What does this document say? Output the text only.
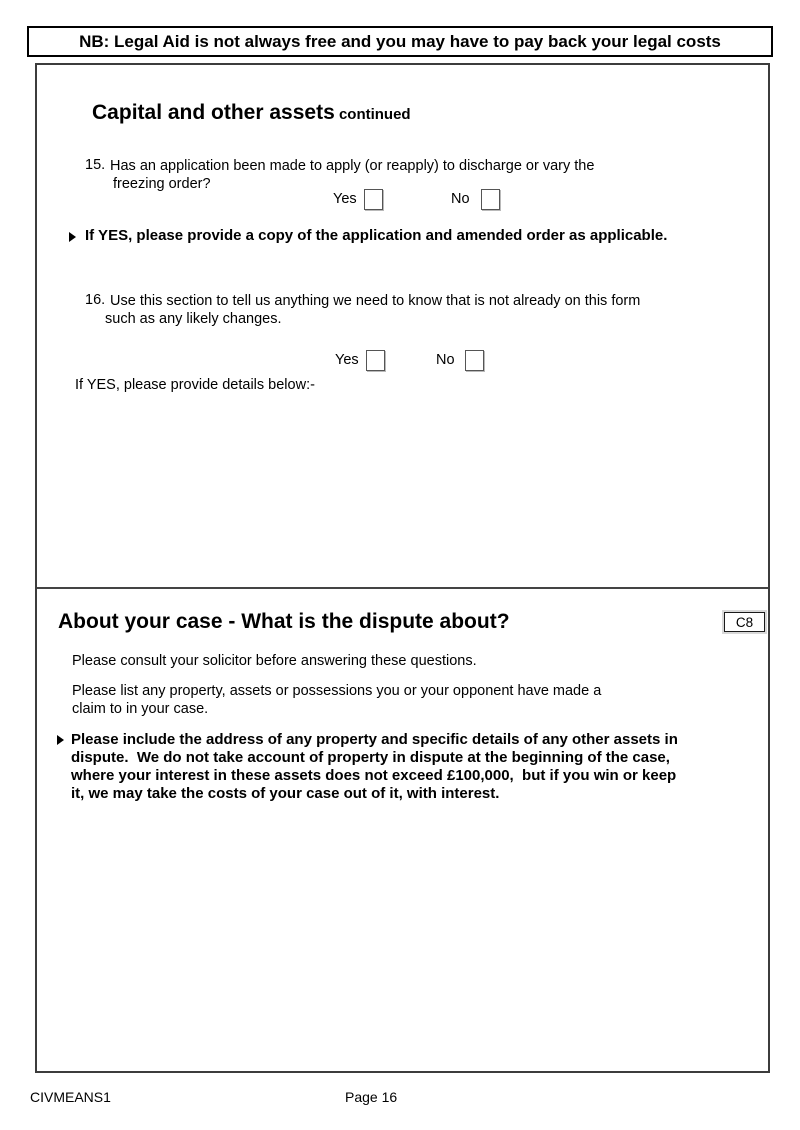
NB: Legal Aid is not always free and you may have to pay back your legal costs

Capital and other assets continued

15. Has an application been made to apply (or reapply) to discharge or vary the
freezing order?
Yes	No
If YES, please provide a copy of the application and amended order as applicable.
16. Use this section to tell us anything we need to know that is not already on this form
such as any likely changes.
Yes	No
If YES, please provide details below:-
About your case - What is the dispute about?	C8
Please consult your solicitor before answering these questions.
Please list any property, assets or possessions you or your opponent have made a
claim to in your case.
Please include the address of any property and specific details of any other assets in
dispute.  We do not take account of property in dispute at the beginning of the case,
where your interest in these assets does not exceed £100,000,  but if you win or keep
it, we may take the costs of your case out of it, with interest.
CIVMEANS1	Page 16
